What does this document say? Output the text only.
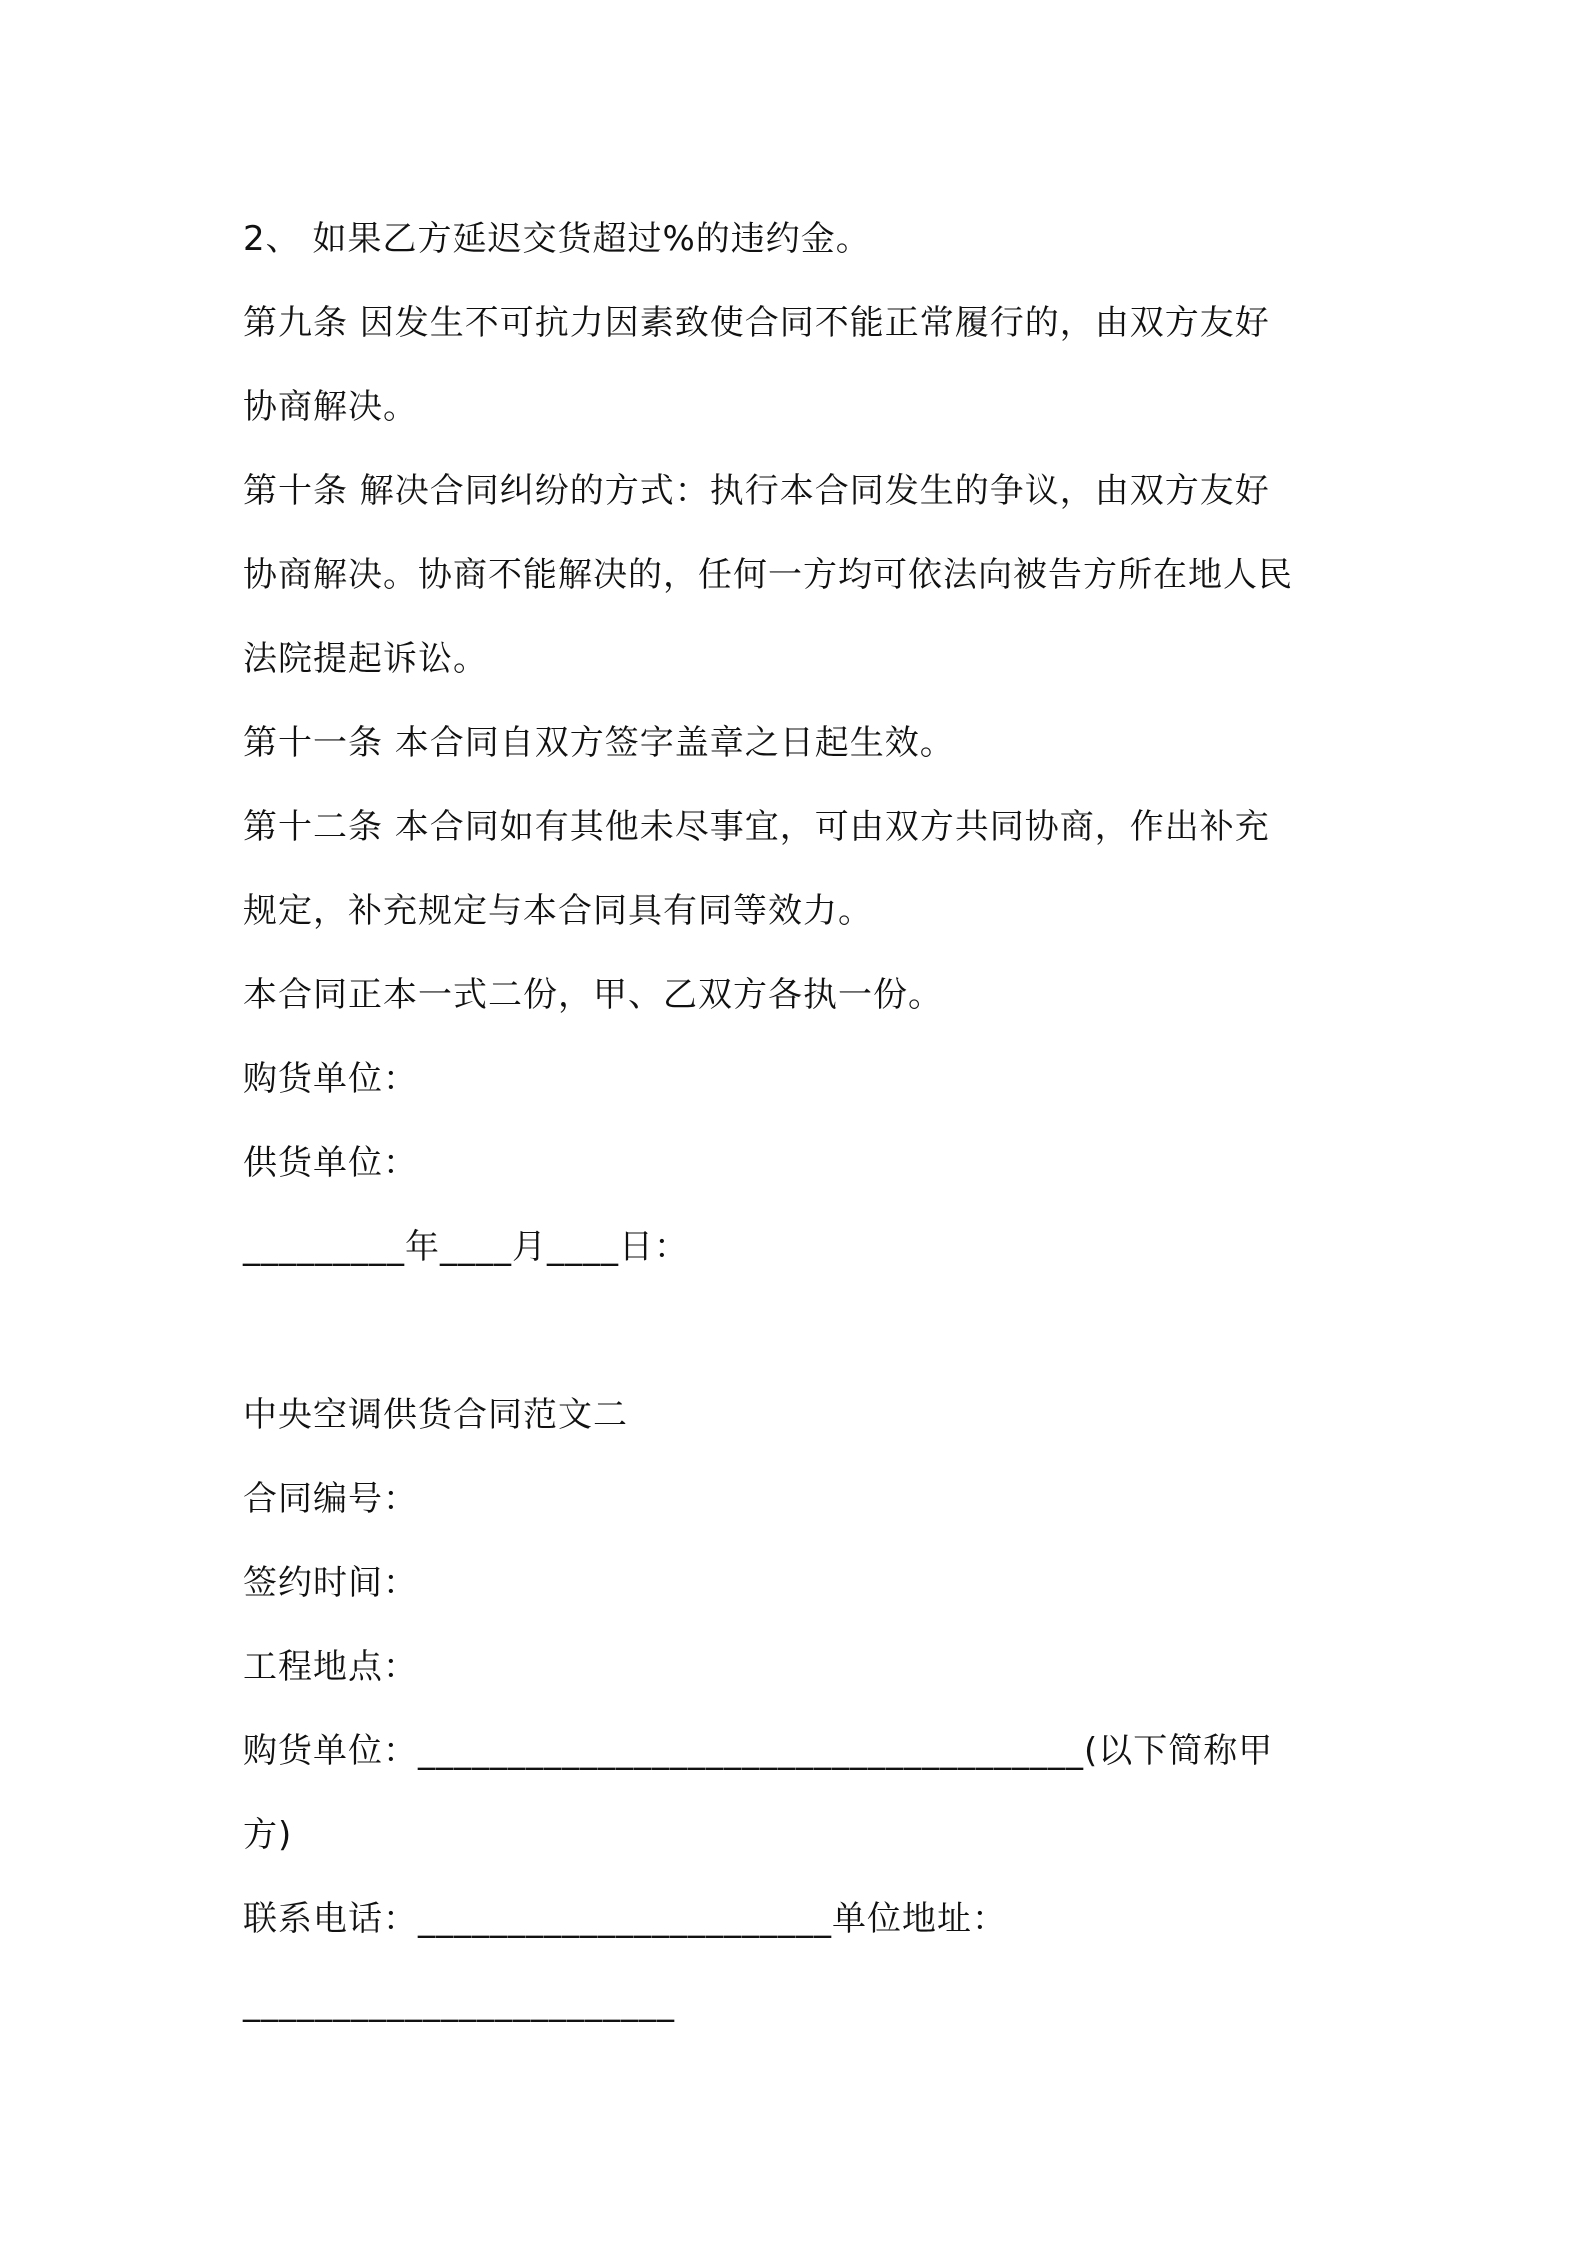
2、 如果乙方延迟交货超过%的违约金。
第九条 因发生不可抗力因素致使合同不能正常履行的，由双方友好
协商解决。
第十条 解决合同纠纷的方式：执行本合同发生的争议，由双方友好
协商解决。协商不能解决的，任何一方均可依法向被告方所在地人民
法院提起诉讼。
第十一条 本合同自双方签字盖章之日起生效。
第十二条 本合同如有其他未尽事宜，可由双方共同协商，作出补充
规定，补充规定与本合同具有同等效力。
本合同正本一式二份，甲、乙双方各执一份。
购货单位：
供货单位：
_________年____月____日：
中央空调供货合同范文二
合同编号：
签约时间：
工程地点：
购货单位：_____________________________________(以下简称甲
方)
联系电话：_______________________单位地址：
________________________
